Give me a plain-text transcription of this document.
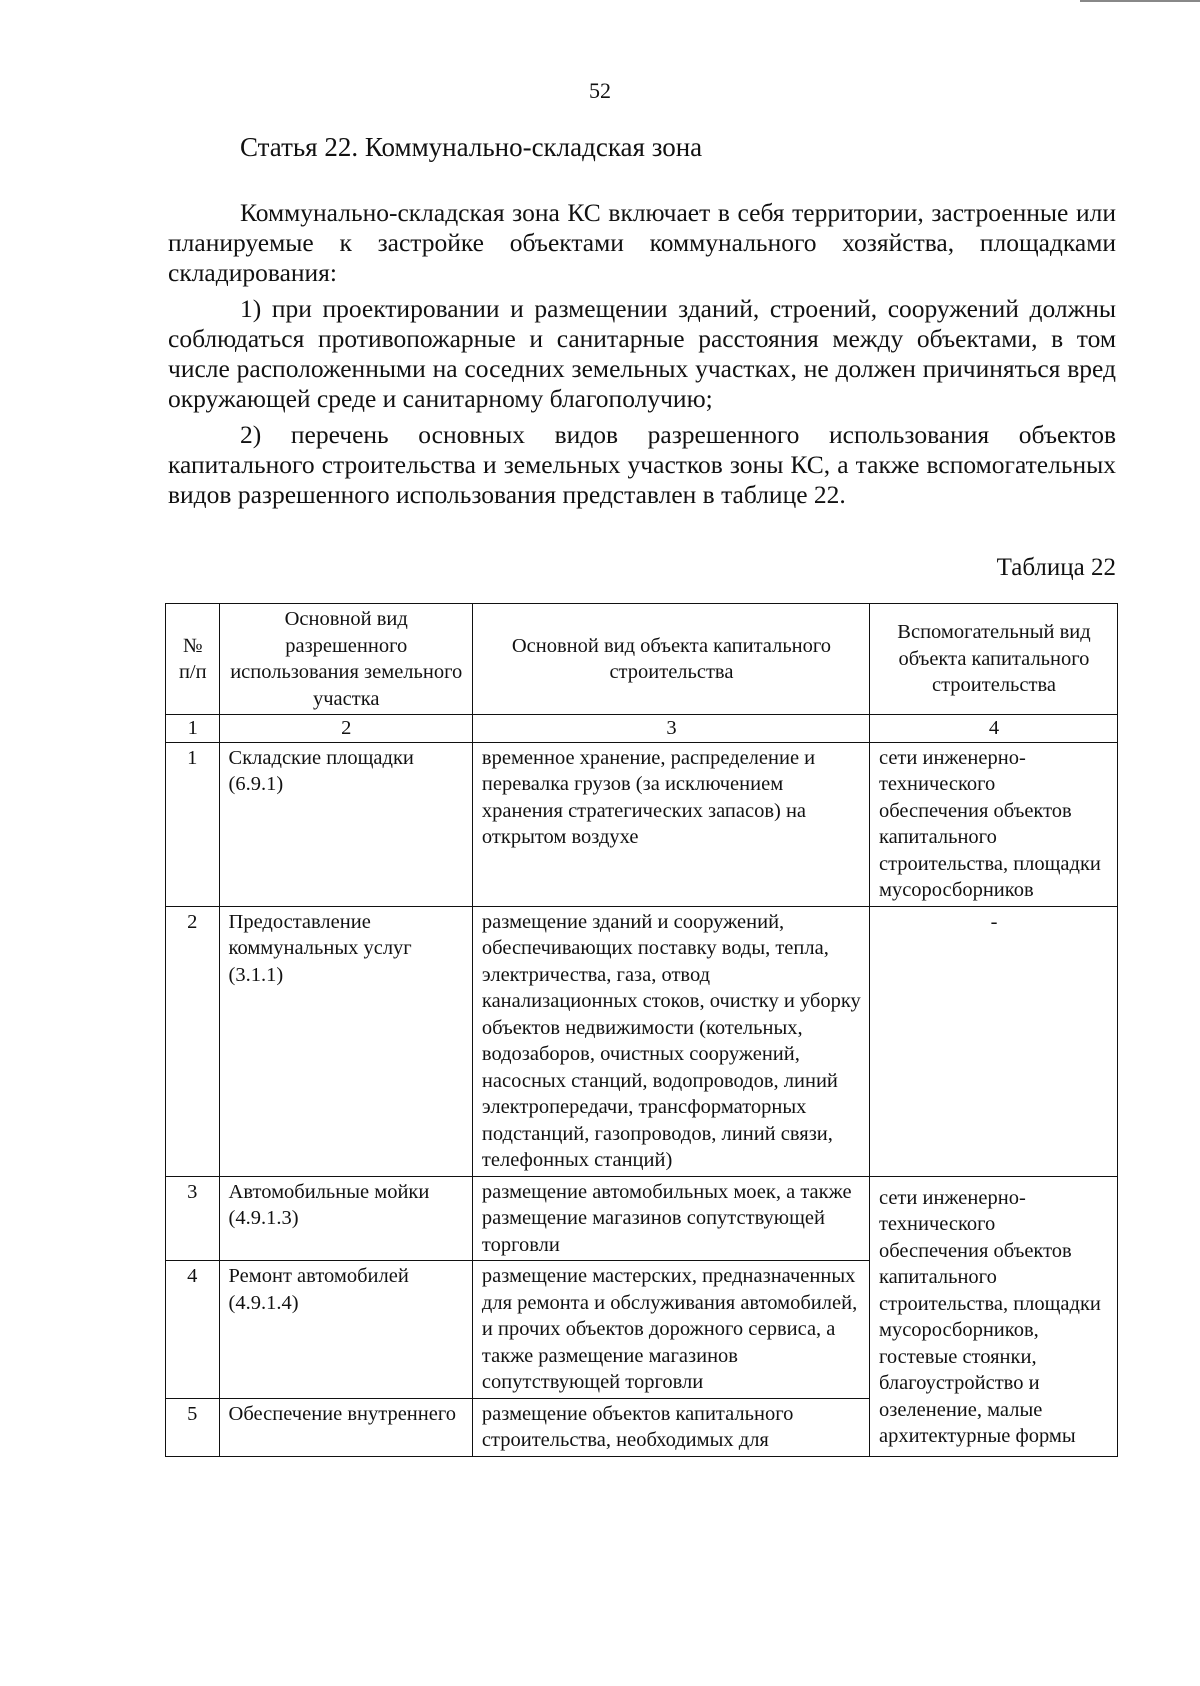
52
Статья 22. Коммунально-складская зона
Коммунально-складская зона КС включает в себя территории, застроенные или планируемые к застройке объектами коммунального хозяйства, площадками складирования:
1) при проектировании и размещении зданий, строений, сооружений должны соблюдаться противопожарные и санитарные расстояния между объектами, в том числе расположенными на соседних земельных участках, не должен причиняться вред окружающей среде и санитарному благополучию;
2) перечень основных видов разрешенного использования объектов капитального строительства и земельных участков зоны КС, а также вспомогательных видов разрешенного использования представлен в таблице 22.
Таблица 22
№ п/п	Основной вид разрешенного использования земельного участка	Основной вид объекта капитального строительства	Вспомогательный вид объекта капитального строительства
1	2	3	4
1	Складские площадки (6.9.1)	временное хранение, распределение и перевалка грузов (за исключением хранения стратегических запасов) на открытом воздухе	сети инженерно-технического обеспечения объектов капитального строительства, площадки мусоросборников
2	Предоставление коммунальных услуг (3.1.1)	размещение зданий и сооружений, обеспечивающих поставку воды, тепла, электричества, газа, отвод канализационных стоков, очистку и уборку объектов недвижимости (котельных, водозаборов, очистных сооружений, насосных станций, водопроводов, линий электропередачи, трансформаторных подстанций, газопроводов, линий связи, телефонных станций)	-
3	Автомобильные мойки (4.9.1.3)	размещение автомобильных моек, а также размещение магазинов сопутствующей торговли	сети инженерно-технического обеспечения объектов капитального строительства, площадки мусоросборников, гостевые стоянки, благоустройство и озеленение, малые архитектурные формы
4	Ремонт автомобилей (4.9.1.4)	размещение мастерских, предназначенных для ремонта и обслуживания автомобилей, и прочих объектов дорожного сервиса, а также размещение магазинов сопутствующей торговли	
5	Обеспечение внутреннего	размещение объектов капитального строительства, необходимых для	
